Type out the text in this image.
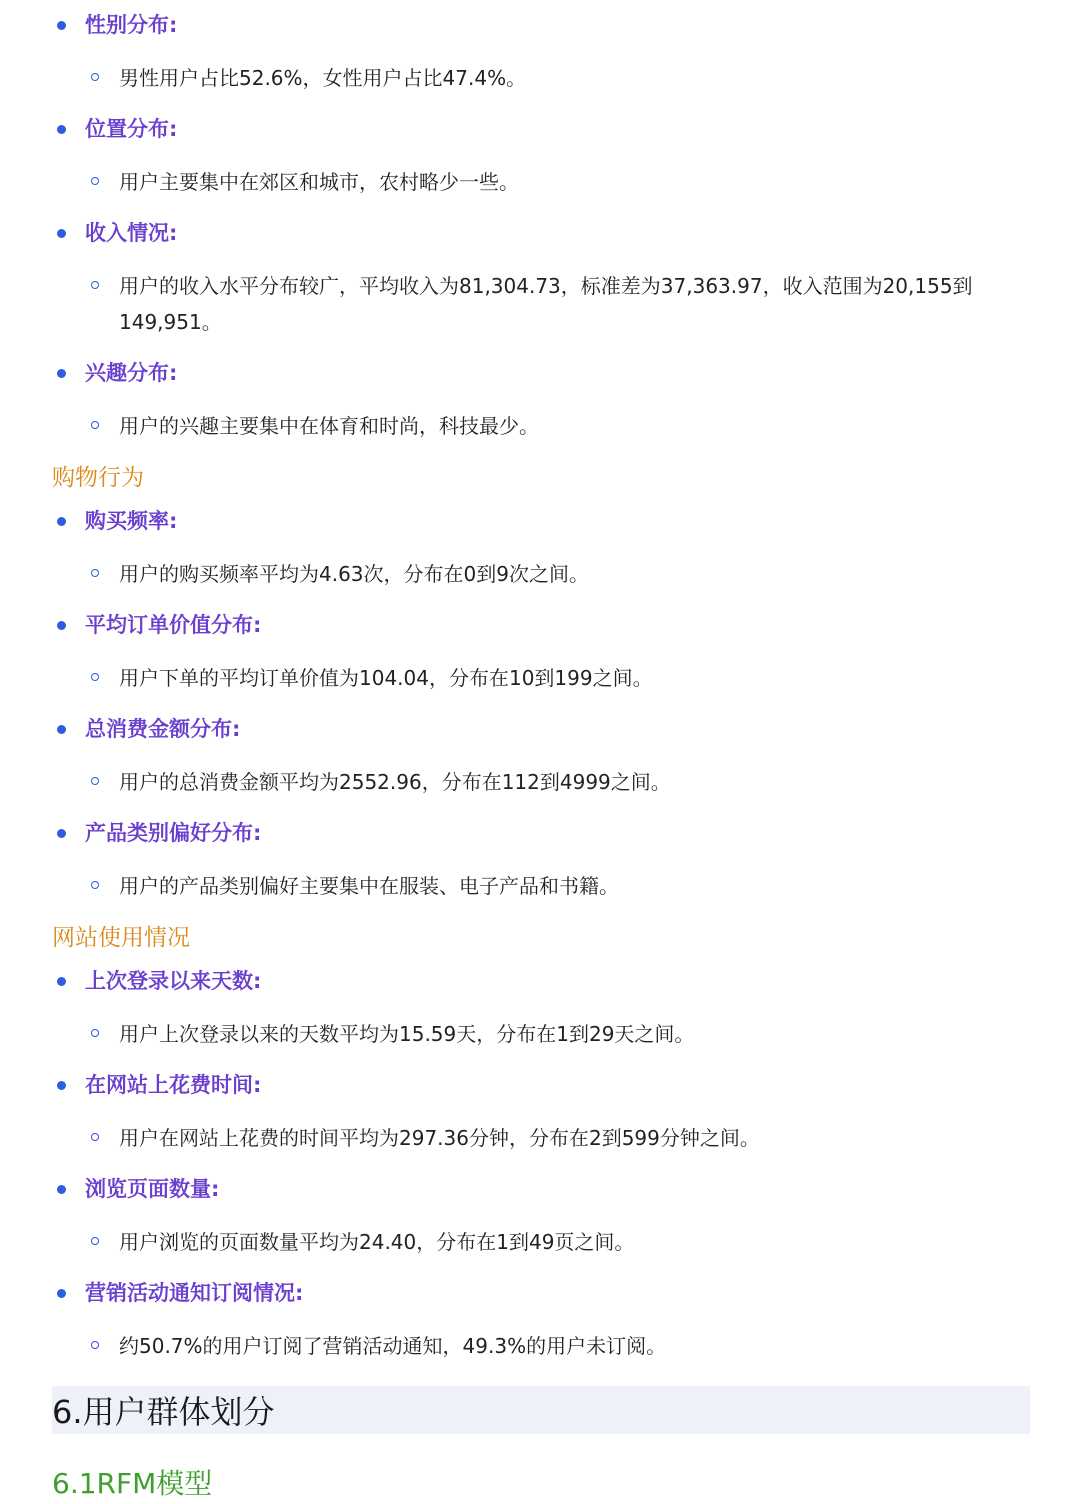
性别分布:
男性用户占比52.6%，女性用户占比47.4%。
位置分布:
用户主要集中在郊区和城市，农村略少一些。
收入情况:
用户的收入水平分布较广，平均收入为81,304.73，标准差为37,363.97，收入范围为20,155到149,951。
兴趣分布:
用户的兴趣主要集中在体育和时尚，科技最少。
购物行为
购买频率:
用户的购买频率平均为4.63次，分布在0到9次之间。
平均订单价值分布:
用户下单的平均订单价值为104.04，分布在10到199之间。
总消费金额分布:
用户的总消费金额平均为2552.96，分布在112到4999之间。
产品类别偏好分布:
用户的产品类别偏好主要集中在服装、电子产品和书籍。
网站使用情况
上次登录以来天数:
用户上次登录以来的天数平均为15.59天，分布在1到29天之间。
在网站上花费时间:
用户在网站上花费的时间平均为297.36分钟，分布在2到599分钟之间。
浏览页面数量:
用户浏览的页面数量平均为24.40，分布在1到49页之间。
营销活动通知订阅情况:
约50.7%的用户订阅了营销活动通知，49.3%的用户未订阅。
6.用户群体划分
6.1RFM模型
